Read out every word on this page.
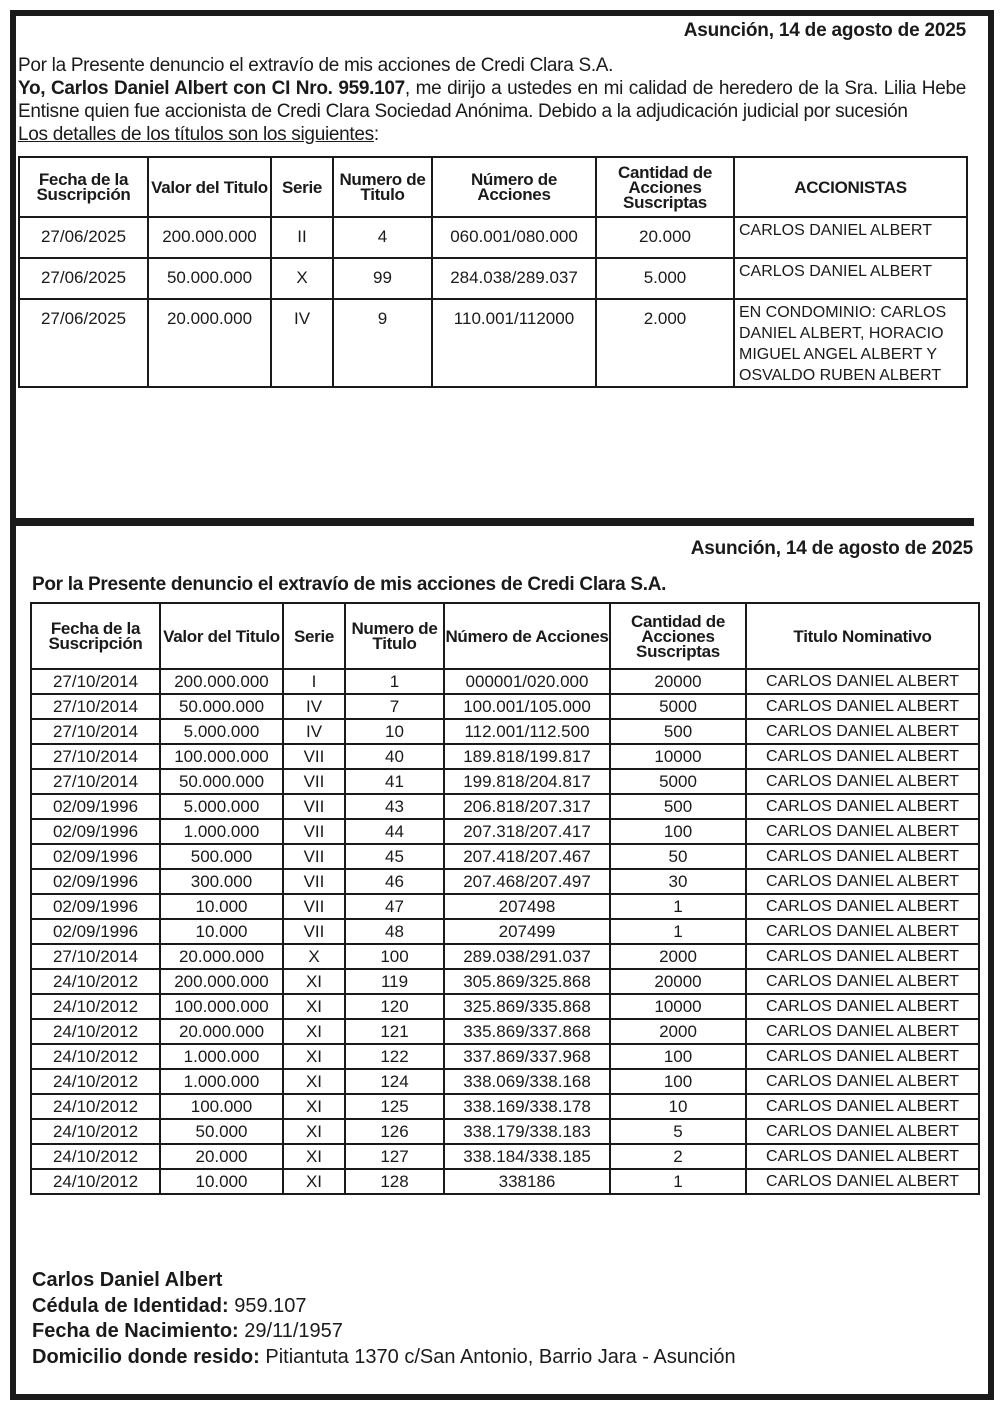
Asunción, 14 de agosto de 2025
Por la Presente denuncio el extravío de mis acciones de Credi Clara S.A.
Yo, Carlos Daniel Albert con CI Nro. 959.107, me dirijo a ustedes en mi calidad de heredero de la Sra. Lilia Hebe Entisne quien fue accionista de Credi Clara Sociedad Anónima. Debido a la adjudicación judicial por sucesión
Los detalles de los títulos son los siguientes:
Fecha de la Suscripción	Valor del Titulo	Serie	Numero de Titulo	Número de Acciones	Cantidad de Acciones Suscriptas	ACCIONISTAS
27/06/2025	200.000.000	II	4	060.001/080.000	20.000	CARLOS DANIEL ALBERT
27/06/2025	50.000.000	X	99	284.038/289.037	5.000	CARLOS DANIEL ALBERT
27/06/2025	20.000.000	IV	9	110.001/112000	2.000	EN CONDOMINIO: CARLOS DANIEL ALBERT, HORACIO MIGUEL ANGEL ALBERT Y OSVALDO RUBEN ALBERT
Asunción, 14 de agosto de 2025
Por la Presente denuncio el extravío de mis acciones de Credi Clara S.A.
Fecha de la Suscripción	Valor del Titulo	Serie	Numero de Titulo	Número de Acciones	Cantidad de Acciones Suscriptas	Titulo Nominativo
27/10/2014	200.000.000	I	1	000001/020.000	20000	CARLOS DANIEL ALBERT
27/10/2014	50.000.000	IV	7	100.001/105.000	5000	CARLOS DANIEL ALBERT
27/10/2014	5.000.000	IV	10	112.001/112.500	500	CARLOS DANIEL ALBERT
27/10/2014	100.000.000	VII	40	189.818/199.817	10000	CARLOS DANIEL ALBERT
27/10/2014	50.000.000	VII	41	199.818/204.817	5000	CARLOS DANIEL ALBERT
02/09/1996	5.000.000	VII	43	206.818/207.317	500	CARLOS DANIEL ALBERT
02/09/1996	1.000.000	VII	44	207.318/207.417	100	CARLOS DANIEL ALBERT
02/09/1996	500.000	VII	45	207.418/207.467	50	CARLOS DANIEL ALBERT
02/09/1996	300.000	VII	46	207.468/207.497	30	CARLOS DANIEL ALBERT
02/09/1996	10.000	VII	47	207498	1	CARLOS DANIEL ALBERT
02/09/1996	10.000	VII	48	207499	1	CARLOS DANIEL ALBERT
27/10/2014	20.000.000	X	100	289.038/291.037	2000	CARLOS DANIEL ALBERT
24/10/2012	200.000.000	XI	119	305.869/325.868	20000	CARLOS DANIEL ALBERT
24/10/2012	100.000.000	XI	120	325.869/335.868	10000	CARLOS DANIEL ALBERT
24/10/2012	20.000.000	XI	121	335.869/337.868	2000	CARLOS DANIEL ALBERT
24/10/2012	1.000.000	XI	122	337.869/337.968	100	CARLOS DANIEL ALBERT
24/10/2012	1.000.000	XI	124	338.069/338.168	100	CARLOS DANIEL ALBERT
24/10/2012	100.000	XI	125	338.169/338.178	10	CARLOS DANIEL ALBERT
24/10/2012	50.000	XI	126	338.179/338.183	5	CARLOS DANIEL ALBERT
24/10/2012	20.000	XI	127	338.184/338.185	2	CARLOS DANIEL ALBERT
24/10/2012	10.000	XI	128	338186	1	CARLOS DANIEL ALBERT
Carlos Daniel Albert
Cédula de Identidad: 959.107
Fecha de Nacimiento: 29/11/1957
Domicilio donde resido: Pitiantuta 1370 c/San Antonio, Barrio Jara - Asunción
